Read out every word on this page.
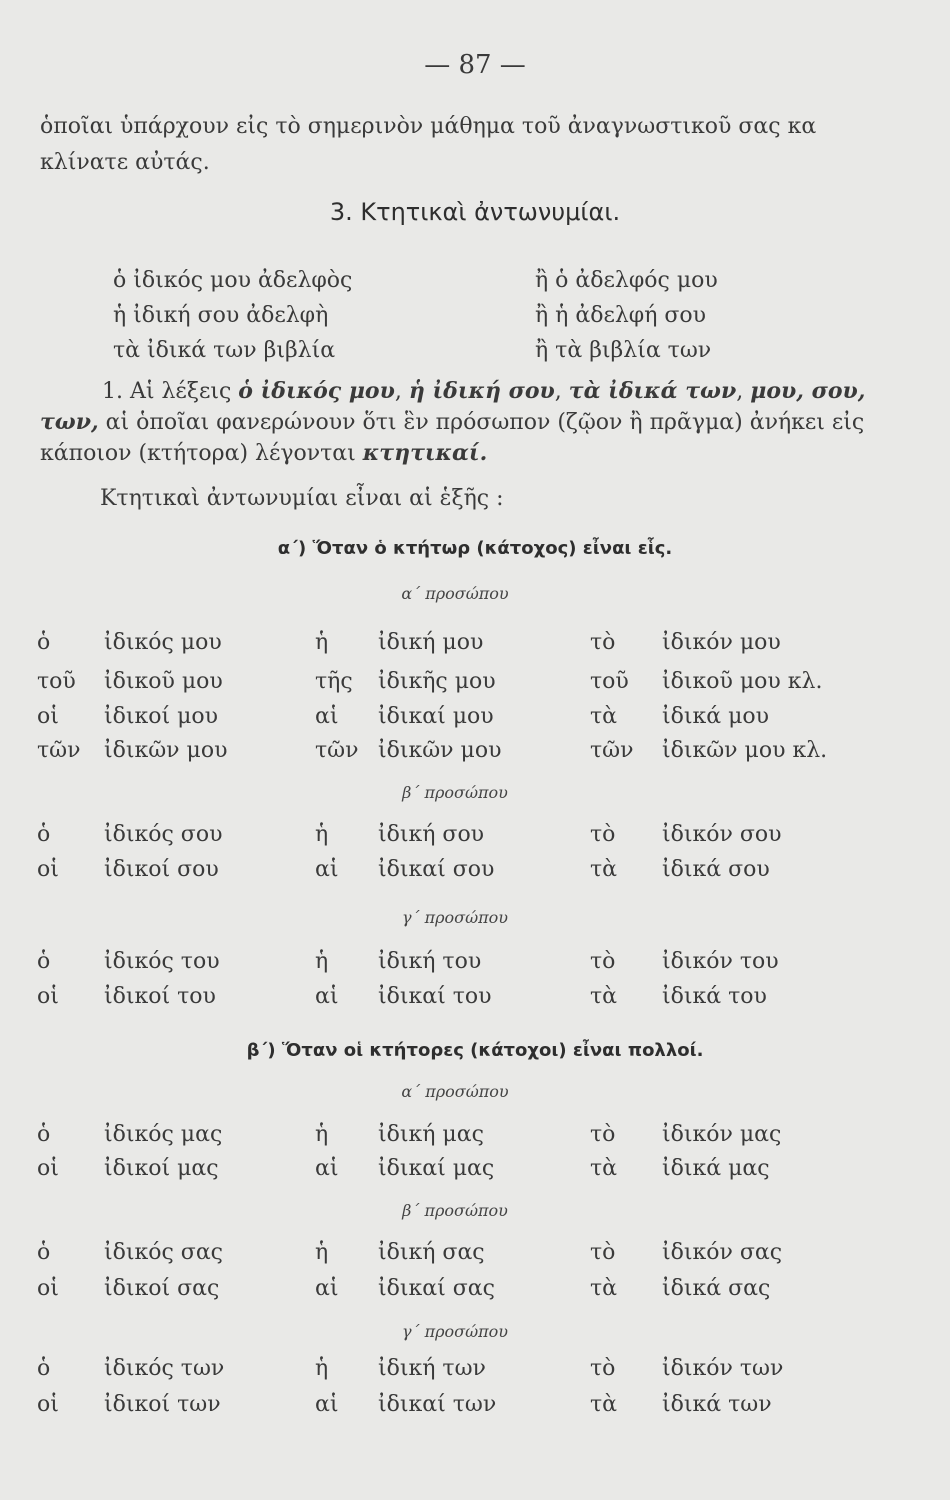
— 87 —
ὁποῖαι ὑπάρχουν εἰς τὸ σημερινὸν μάθημα τοῦ ἀναγνωστικοῦ σας κα
κλίνατε αὐτάς.
3. Κτητικαὶ ἀντωνυμίαι.
ὁ ἰδικός μου ἀδελφὸς	ἢ ὁ ἀδελφός μου
ἡ ἰδική σου ἀδελφὴ	ἢ ἡ ἀδελφή σου
τὰ ἰδικά των βιβλία	ἢ τὰ βιβλία των
1. Αἱ λέξεις ὁ ἰδικός μου, ἡ ἰδική σου, τὰ ἰδικά των, μου, σου, των, αἱ ὁποῖαι φανερώνουν ὅτι ἓν πρόσωπον (ζῷον ἢ πρᾶγμα) ἀνήκει εἰς κάποιον (κτήτορα) λέγονται κτητικαί.
Κτητικαὶ ἀντωνυμίαι εἶναι αἱ ἑξῆς :
α΄) Ὅταν ὁ κτήτωρ (κάτοχος) εἶναι εἷς.
α΄ προσώπου
ὁ ἰδικός μου	ἡ ἰδική μου	τὸ ἰδικόν μου
τοῦ ἰδικοῦ μου	τῆς ἰδικῆς μου	τοῦ ἰδικοῦ μου κλ.
οἱ ἰδικοί μου	αἱ ἰδικαί μου	τὰ ἰδικά μου
τῶν ἰδικῶν μου	τῶν ἰδικῶν μου	τῶν ἰδικῶν μου κλ.
β΄ προσώπου
ὁ ἰδικός σου	ἡ ἰδική σου	τὸ ἰδικόν σου
οἱ ἰδικοί σου	αἱ ἰδικαί σου	τὰ ἰδικά σου
γ΄ προσώπου
ὁ ἰδικός του	ἡ ἰδική του	τὸ ἰδικόν του
οἱ ἰδικοί του	αἱ ἰδικαί του	τὰ ἰδικά του
β΄) Ὅταν οἱ κτήτορες (κάτοχοι) εἶναι πολλοί.
α΄ προσώπου
ὁ ἰδικός μας	ἡ ἰδική μας	τὸ ἰδικόν μας
οἱ ἰδικοί μας	αἱ ἰδικαί μας	τὰ ἰδικά μας
β΄ προσώπου
ὁ ἰδικός σας	ἡ ἰδική σας	τὸ ἰδικόν σας
οἱ ἰδικοί σας	αἱ ἰδικαί σας	τὰ ἰδικά σας
γ΄ προσώπου
ὁ ἰδικός των	ἡ ἰδική των	τὸ ἰδικόν των
οἱ ἰδικοί των	αἱ ἰδικαί των	τὰ ἰδικά των
